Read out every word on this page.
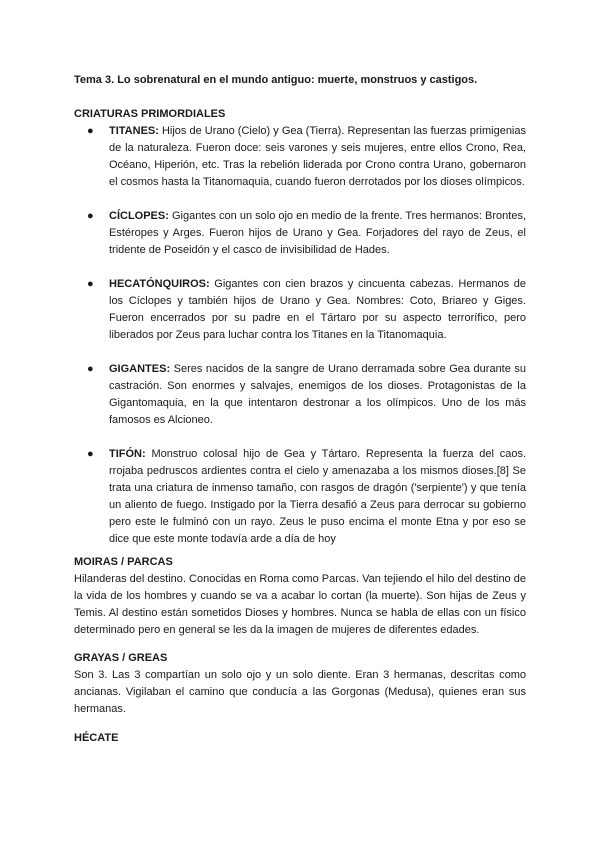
Tema 3. Lo sobrenatural en el mundo antiguo: muerte, monstruos y castigos.

CRIATURAS PRIMORDIALES

● TITANES: Hijos de Urano (Cielo) y Gea (Tierra). Representan las fuerzas primigenias de la naturaleza. Fueron doce: seis varones y seis mujeres, entre ellos Crono, Rea, Océano, Hiperión, etc. Tras la rebelión liderada por Crono contra Urano, gobernaron el cosmos hasta la Titanomaquia, cuando fueron derrotados por los dioses olímpicos.
● CÍCLOPES: Gigantes con un solo ojo en medio de la frente. Tres hermanos: Brontes, Estéropes y Arges. Fueron hijos de Urano y Gea. Forjadores del rayo de Zeus, el tridente de Poseidón y el casco de invisibilidad de Hades.
● HECATÓNQUIROS: Gigantes con cien brazos y cincuenta cabezas. Hermanos de los Cíclopes y también hijos de Urano y Gea. Nombres: Coto, Briareo y Giges. Fueron encerrados por su padre en el Tártaro por su aspecto terrorífico, pero liberados por Zeus para luchar contra los Titanes en la Titanomaquia.
● GIGANTES: Seres nacidos de la sangre de Urano derramada sobre Gea durante su castración. Son enormes y salvajes, enemigos de los dioses. Protagonistas de la Gigantomaquia, en la que intentaron destronar a los olímpicos. Uno de los más famosos es Alcioneo.
● TIFÓN: Monstruo colosal hijo de Gea y Tártaro. Representa la fuerza del caos. rrojaba pedruscos ardientes contra el cielo y amenazaba a los mismos dioses.[8] Se trata una criatura de inmenso tamaño, con rasgos de dragón ('serpiente') y que tenía un aliento de fuego. Instigado por la Tierra desafió a Zeus para derrocar su gobierno pero este le fulminó con un rayo. Zeus le puso encima el monte Etna y por eso se dice que este monte todavía arde a día de hoy

MOIRAS / PARCAS

Hilanderas del destino. Conocidas en Roma como Parcas. Van tejiendo el hilo del destino de la vida de los hombres y cuando se va a acabar lo cortan (la muerte). Son hijas de Zeus y Temis. Al destino están sometidos Dioses y hombres. Nunca se habla de ellas con un físico determinado pero en general se les da la imagen de mujeres de diferentes edades.

GRAYAS / GREAS

Son 3. Las 3 compartían un solo ojo y un solo diente. Eran 3 hermanas, descritas como ancianas. Vigilaban el camino que conducía a las Gorgonas (Medusa), quienes eran sus hermanas.

HÉCATE
